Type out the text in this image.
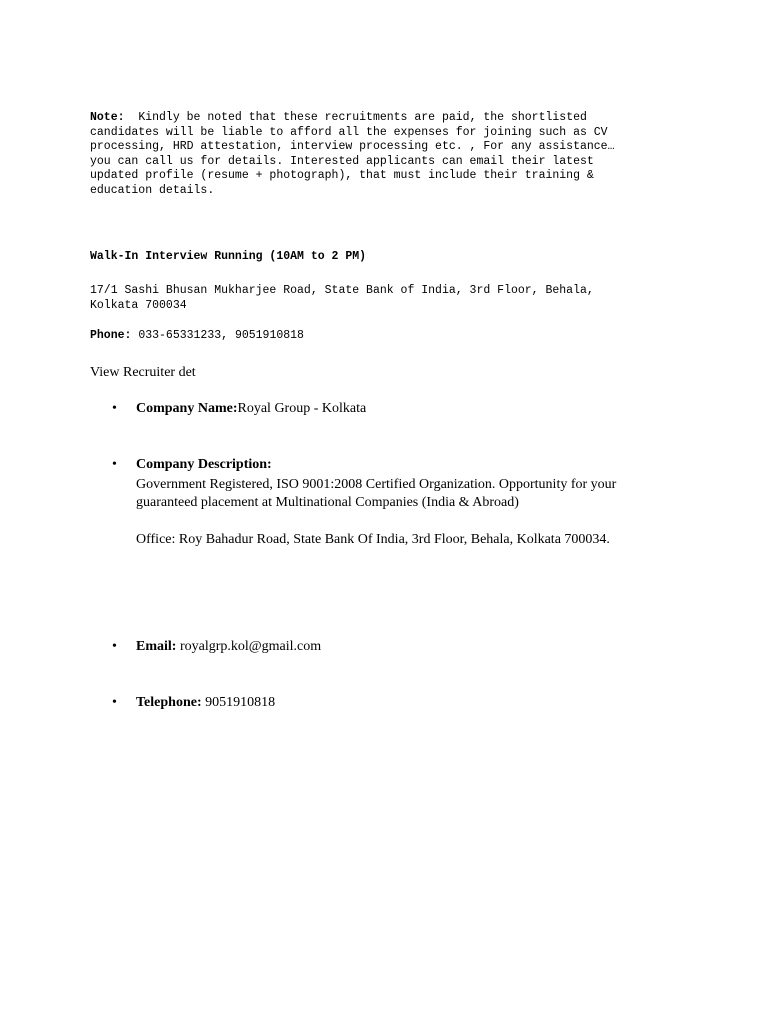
Note:  Kindly be noted that these recruitments are paid, the shortlisted
candidates will be liable to afford all the expenses for joining such as CV
processing, HRD attestation, interview processing etc. , For any assistance…
you can call us for details. Interested applicants can email their latest
updated profile (resume + photograph), that must include their training &
education details.

Walk-In Interview Running (10AM to 2 PM)

17/1 Sashi Bhusan Mukharjee Road, State Bank of India, 3rd Floor, Behala,
Kolkata 700034

Phone: 033-65331233, 9051910818

View Recruiter det

• Company Name:Royal Group - Kolkata
• Company Description:
• Email: royalgrp.kol@gmail.com
• Telephone: 9051910818

Government Registered, ISO 9001:2008 Certified Organization. Opportunity for your guaranteed placement at Multinational Companies (India & Abroad)

Office: Roy Bahadur Road, State Bank Of India, 3rd Floor, Behala, Kolkata 700034.
